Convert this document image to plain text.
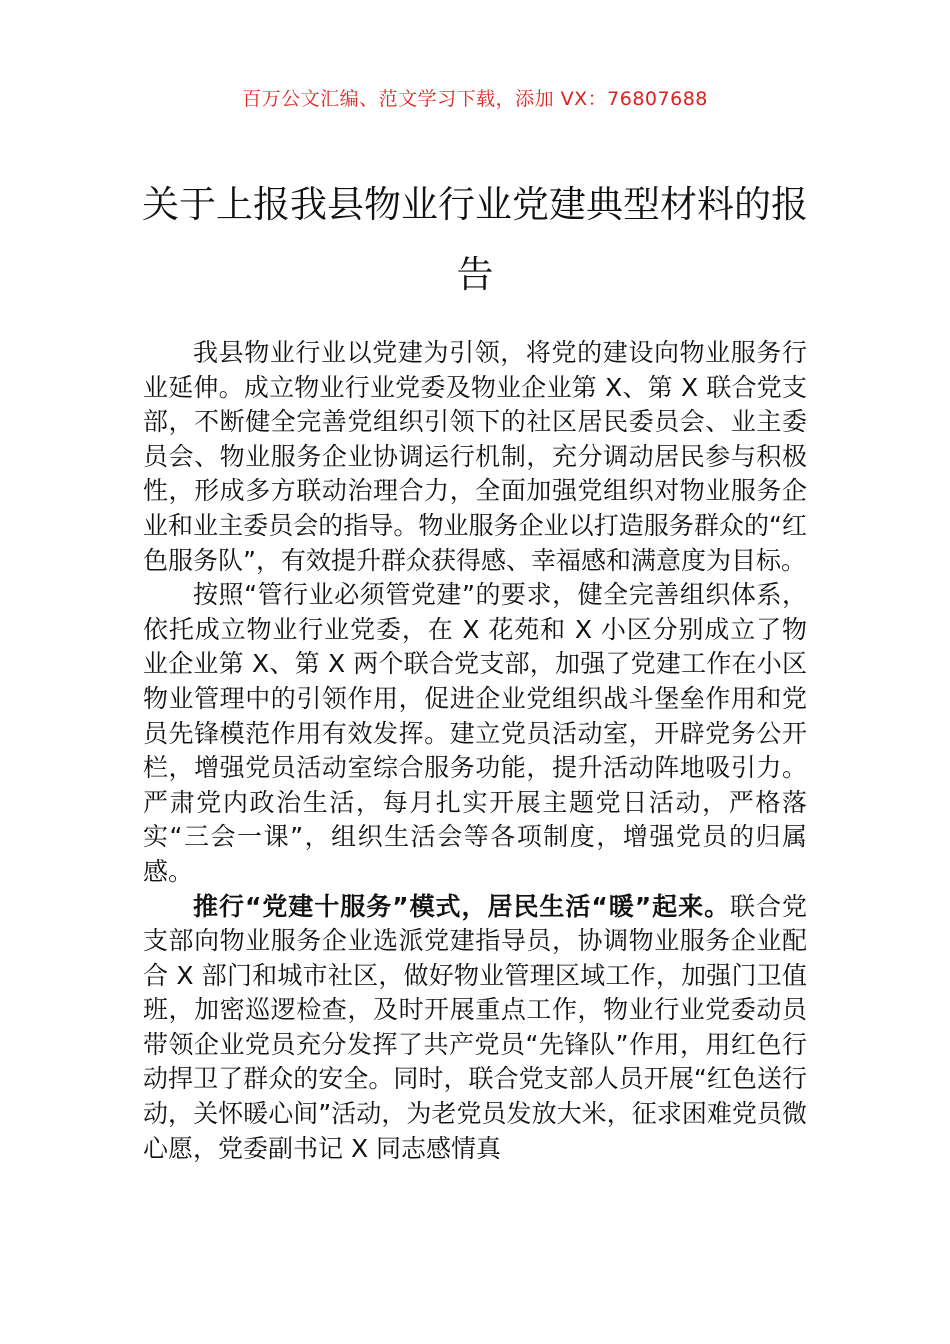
百万公文汇编、范文学习下载，添加 VX：76807688
关于上报我县物业行业党建典型材料的报告

我县物业行业以党建为引领，将党的建设向物业服务行业延伸。成立物业行业党委及物业企业第 X、第 X 联合党支部，不断健全完善党组织引领下的社区居民委员会、业主委员会、物业服务企业协调运行机制，充分调动居民参与积极性，形成多方联动治理合力，全面加强党组织对物业服务企业和业主委员会的指导。物业服务企业以打造服务群众的“红色服务队”，有效提升群众获得感、幸福感和满意度为目标。

按照“管行业必须管党建”的要求，健全完善组织体系，依托成立物业行业党委，在 X 花苑和 X 小区分别成立了物业企业第 X、第 X 两个联合党支部，加强了党建工作在小区物业管理中的引领作用，促进企业党组织战斗堡垒作用和党员先锋模范作用有效发挥。建立党员活动室，开辟党务公开栏，增强党员活动室综合服务功能，提升活动阵地吸引力。严肃党内政治生活，每月扎实开展主题党日活动，严格落实“三会一课”，组织生活会等各项制度，增强党员的归属感。

推行“党建十服务”模式，居民生活“暖”起来。联合党支部向物业服务企业选派党建指导员，协调物业服务企业配合 X 部门和城市社区，做好物业管理区域工作，加强门卫值班，加密巡逻检查，及时开展重点工作，物业行业党委动员带领企业党员充分发挥了共产党员“先锋队”作用，用红色行动捍卫了群众的安全。同时，联合党支部人员开展“红色送行动，关怀暖心间”活动，为老党员发放大米，征求困难党员微心愿，党委副书记 X 同志感情真
